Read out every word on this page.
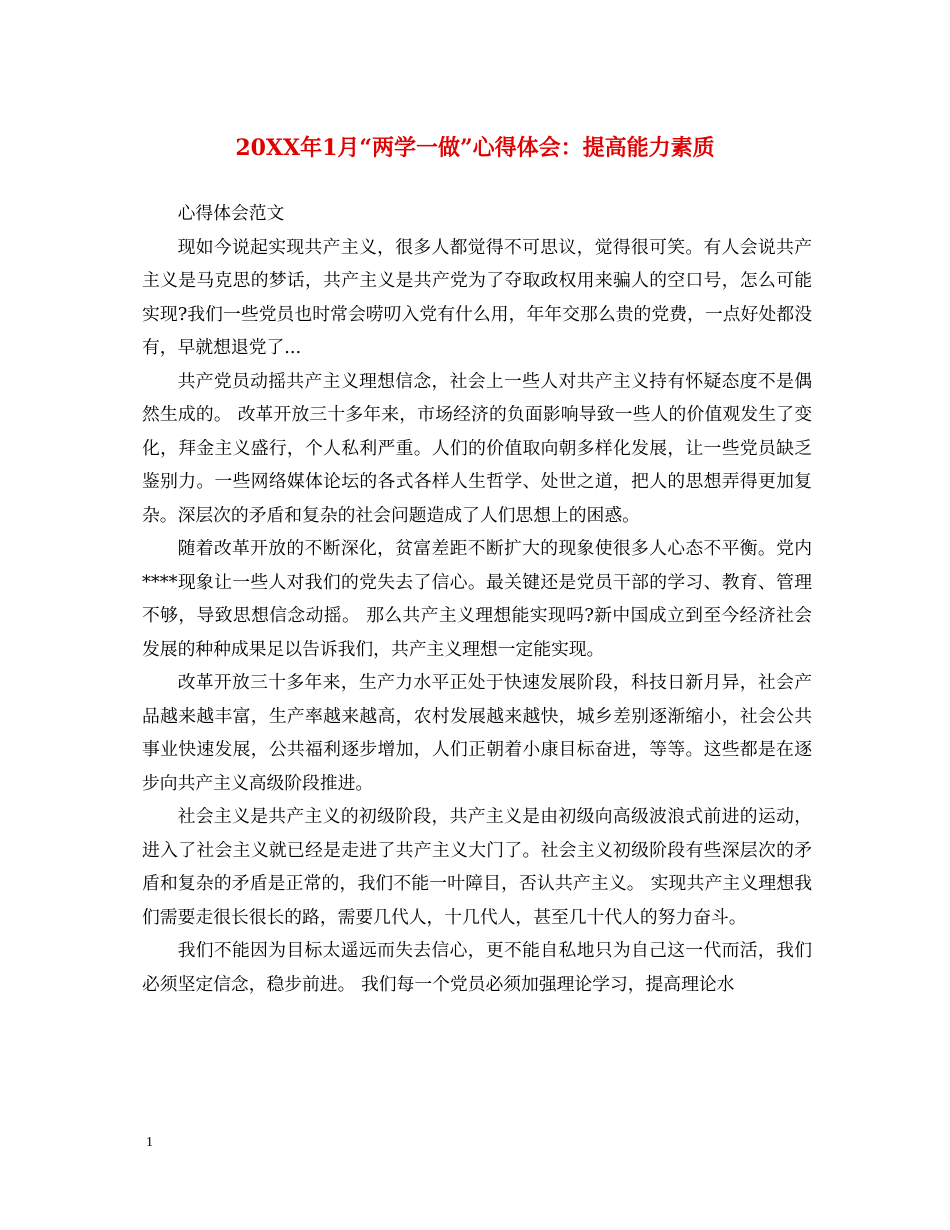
20XX年1月“两学一做”心得体会：提高能力素质

心得体会范文

现如今说起实现共产主义，很多人都觉得不可思议，觉得很可笑。有人会说共产主义是马克思的梦话，共产主义是共产党为了夺取政权用来骗人的空口号，怎么可能实现?我们一些党员也时常会唠叨入党有什么用，年年交那么贵的党费，一点好处都没有，早就想退党了...

共产党员动摇共产主义理想信念，社会上一些人对共产主义持有怀疑态度不是偶然生成的。 改革开放三十多年来，市场经济的负面影响导致一些人的价值观发生了变化，拜金主义盛行，个人私利严重。人们的价值取向朝多样化发展，让一些党员缺乏鉴别力。一些网络媒体论坛的各式各样人生哲学、处世之道，把人的思想弄得更加复杂。深层次的矛盾和复杂的社会问题造成了人们思想上的困惑。

随着改革开放的不断深化，贫富差距不断扩大的现象使很多人心态不平衡。党内****现象让一些人对我们的党失去了信心。最关键还是党员干部的学习、教育、管理不够，导致思想信念动摇。 那么共产主义理想能实现吗?新中国成立到至今经济社会发展的种种成果足以告诉我们，共产主义理想一定能实现。

改革开放三十多年来，生产力水平正处于快速发展阶段，科技日新月异，社会产品越来越丰富，生产率越来越高，农村发展越来越快，城乡差别逐渐缩小，社会公共事业快速发展，公共福利逐步增加，人们正朝着小康目标奋进，等等。这些都是在逐步向共产主义高级阶段推进。

社会主义是共产主义的初级阶段，共产主义是由初级向高级波浪式前进的运动，进入了社会主义就已经是走进了共产主义大门了。社会主义初级阶段有些深层次的矛盾和复杂的矛盾是正常的，我们不能一叶障目，否认共产主义。 实现共产主义理想我们需要走很长很长的路，需要几代人，十几代人，甚至几十代人的努力奋斗。

我们不能因为目标太遥远而失去信心，更不能自私地只为自己这一代而活，我们必须坚定信念，稳步前进。 我们每一个党员必须加强理论学习，提高理论水

1
